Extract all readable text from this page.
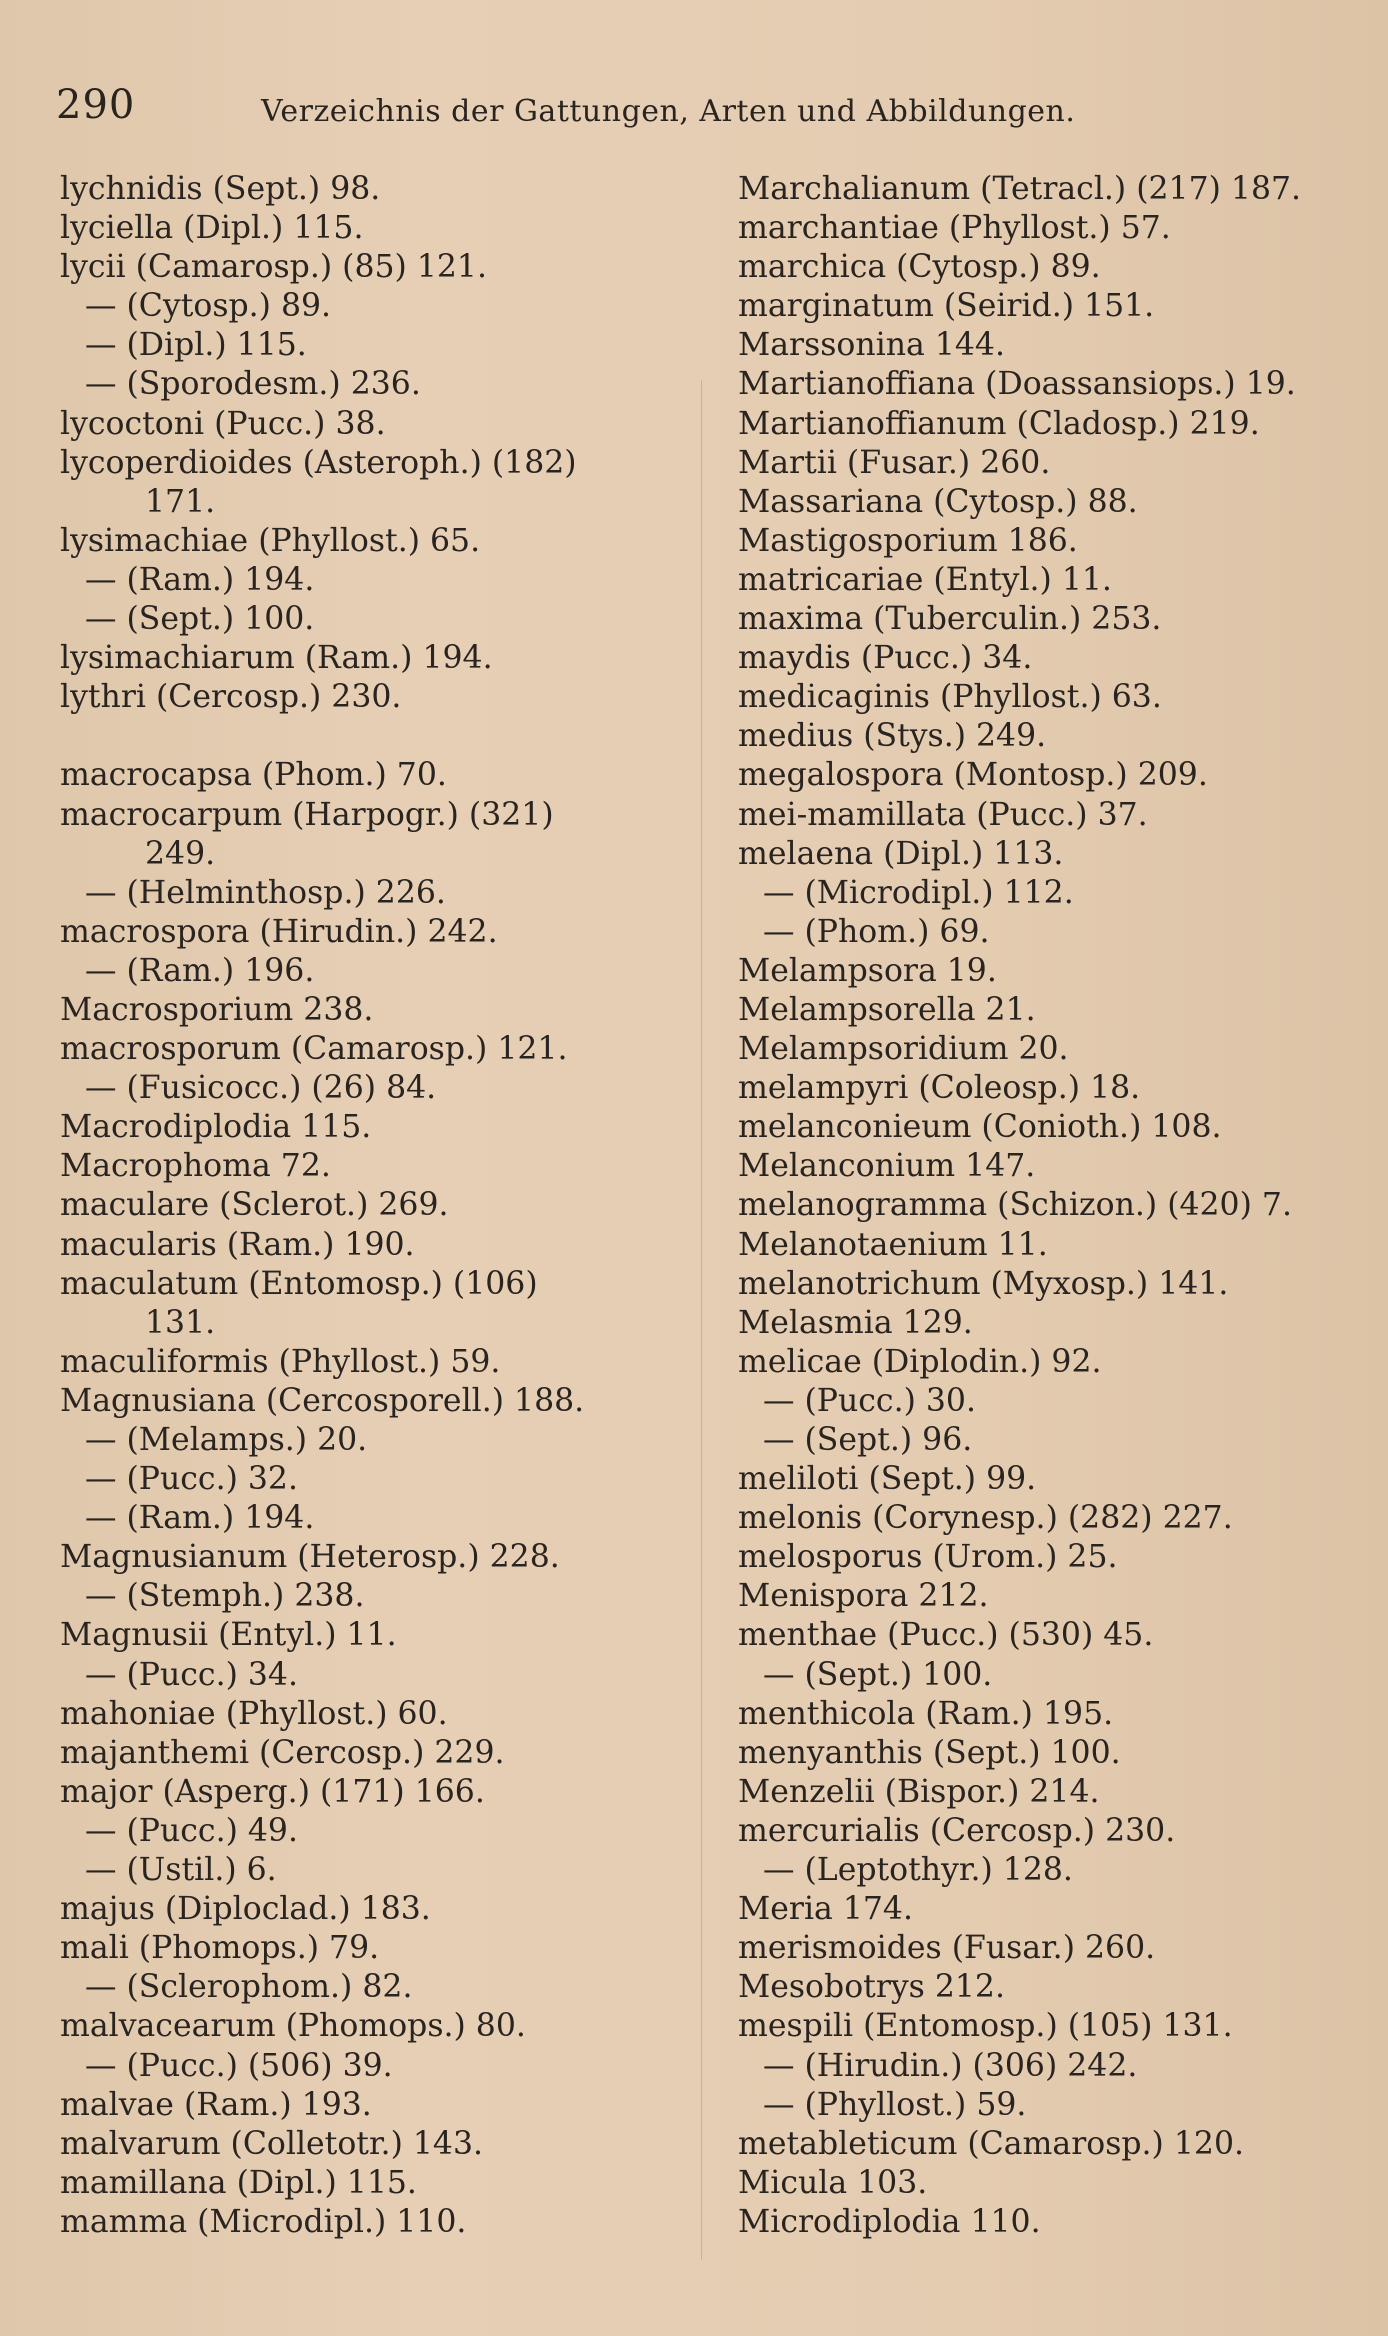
290	Verzeichnis der Gattungen, Arten und Abbildungen.
lychnidis (Sept.) 98.
lyciella (Dipl.) 115.
lycii (Camarosp.) (85) 121.
— (Cytosp.) 89.
— (Dipl.) 115.
— (Sporodesm.) 236.
lycoctoni (Pucc.) 38.
lycoperdioides (Asteroph.) (182)
171.
lysimachiae (Phyllost.) 65.
— (Ram.) 194.
— (Sept.) 100.
lysimachiarum (Ram.) 194.
lythri (Cercosp.) 230.
macrocapsa (Phom.) 70.
macrocarpum (Harpogr.) (321)
249.
— (Helminthosp.) 226.
macrospora (Hirudin.) 242.
— (Ram.) 196.
Macrosporium 238.
macrosporum (Camarosp.) 121.
— (Fusicocc.) (26) 84.
Macrodiplodia 115.
Macrophoma 72.
maculare (Sclerot.) 269.
macularis (Ram.) 190.
maculatum (Entomosp.) (106)
131.
maculiformis (Phyllost.) 59.
Magnusiana (Cercosporell.) 188.
— (Melamps.) 20.
— (Pucc.) 32.
— (Ram.) 194.
Magnusianum (Heterosp.) 228.
— (Stemph.) 238.
Magnusii (Entyl.) 11.
— (Pucc.) 34.
mahoniae (Phyllost.) 60.
majanthemi (Cercosp.) 229.
major (Asperg.) (171) 166.
— (Pucc.) 49.
— (Ustil.) 6.
majus (Diploclad.) 183.
mali (Phomops.) 79.
— (Sclerophom.) 82.
malvacearum (Phomops.) 80.
— (Pucc.) (506) 39.
malvae (Ram.) 193.
malvarum (Colletotr.) 143.
mamillana (Dipl.) 115.
mamma (Microdipl.) 110.
Marchalianum (Tetracl.) (217) 187.
marchantiae (Phyllost.) 57.
marchica (Cytosp.) 89.
marginatum (Seirid.) 151.
Marssonina 144.
Martianoffiana (Doassansiops.) 19.
Martianoffianum (Cladosp.) 219.
Martii (Fusar.) 260.
Massariana (Cytosp.) 88.
Mastigosporium 186.
matricariae (Entyl.) 11.
maxima (Tuberculin.) 253.
maydis (Pucc.) 34.
medicaginis (Phyllost.) 63.
medius (Stys.) 249.
megalospora (Montosp.) 209.
mei-mamillata (Pucc.) 37.
melaena (Dipl.) 113.
— (Microdipl.) 112.
— (Phom.) 69.
Melampsora 19.
Melampsorella 21.
Melampsoridium 20.
melampyri (Coleosp.) 18.
melanconieum (Conioth.) 108.
Melanconium 147.
melanogramma (Schizon.) (420) 7.
Melanotaenium 11.
melanotrichum (Myxosp.) 141.
Melasmia 129.
melicae (Diplodin.) 92.
— (Pucc.) 30.
— (Sept.) 96.
meliloti (Sept.) 99.
melonis (Corynesp.) (282) 227.
melosporus (Urom.) 25.
Menispora 212.
menthae (Pucc.) (530) 45.
— (Sept.) 100.
menthicola (Ram.) 195.
menyanthis (Sept.) 100.
Menzelii (Bispor.) 214.
mercurialis (Cercosp.) 230.
— (Leptothyr.) 128.
Meria 174.
merismoides (Fusar.) 260.
Mesobotrys 212.
mespili (Entomosp.) (105) 131.
— (Hirudin.) (306) 242.
— (Phyllost.) 59.
metableticum (Camarosp.) 120.
Micula 103.
Microdiplodia 110.
